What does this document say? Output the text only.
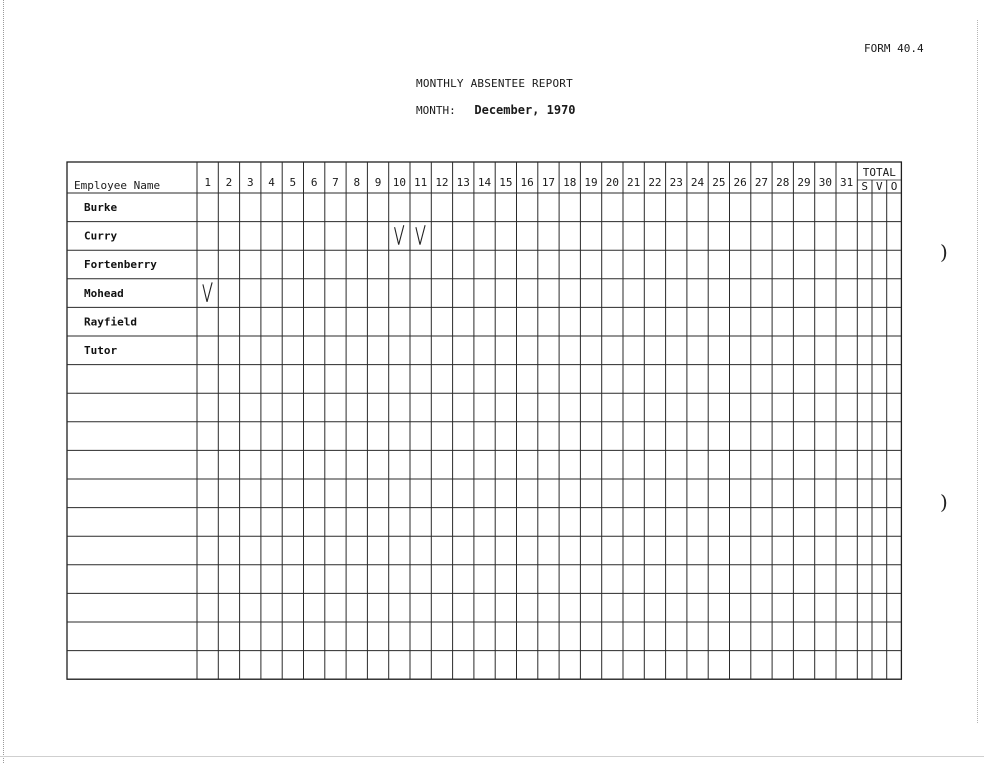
FORM 40.4
MONTHLY ABSENTEE REPORT
MONTH: December, 1970
Employee Name	1 2 3 4 5 6 7 8 9 10 11 12 13 14 15 16 17 18 19 20 21 22 23 24 25 26 27 28 29 30 31
TOTAL
S V O
Burke
Curry
Fortenberry
Mohead
Rayfield
Tutor
)
)
